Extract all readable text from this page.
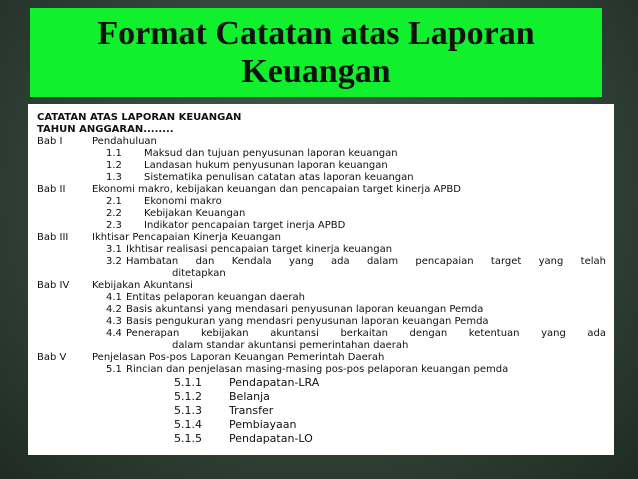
Format Catatan atas Laporan
Keuangan
CATATAN ATAS LAPORAN KEUANGAN
TAHUN ANGGARAN........
Bab I	Pendahuluan
1.1	Maksud dan tujuan penyusunan laporan keuangan
1.2	Landasan hukum penyusunan laporan keuangan
1.3	Sistematika penulisan catatan atas laporan keuangan
Bab II	Ekonomi makro, kebijakan keuangan dan pencapaian target kinerja APBD
2.1	Ekonomi makro
2.2	Kebijakan Keuangan
2.3	Indikator pencapaian target inerja APBD
Bab III	Ikhtisar Pencapaian Kinerja Keuangan
3.1 Ikhtisar realisasi pencapaian target kinerja keuangan
3.2 Hambatan dan Kendala yang ada dalam pencapaian target yang telah
ditetapkan
Bab IV	Kebijakan Akuntansi
4.1 Entitas pelaporan keuangan daerah
4.2 Basis akuntansi yang mendasari penyusunan laporan keuangan Pemda
4.3 Basis pengukuran yang mendasri penyusunan laporan keuangan Pemda
4.4 Penerapan kebijakan akuntansi berkaitan dengan ketentuan yang ada
dalam standar akuntansi pemerintahan daerah
Bab V	Penjelasan Pos-pos Laporan Keuangan Pemerintah Daerah
5.1 Rincian dan penjelasan masing-masing pos-pos pelaporan keuangan pemda
5.1.1	Pendapatan-LRA
5.1.2	Belanja
5.1.3	Transfer
5.1.4	Pembiayaan
5.1.5	Pendapatan-LO
